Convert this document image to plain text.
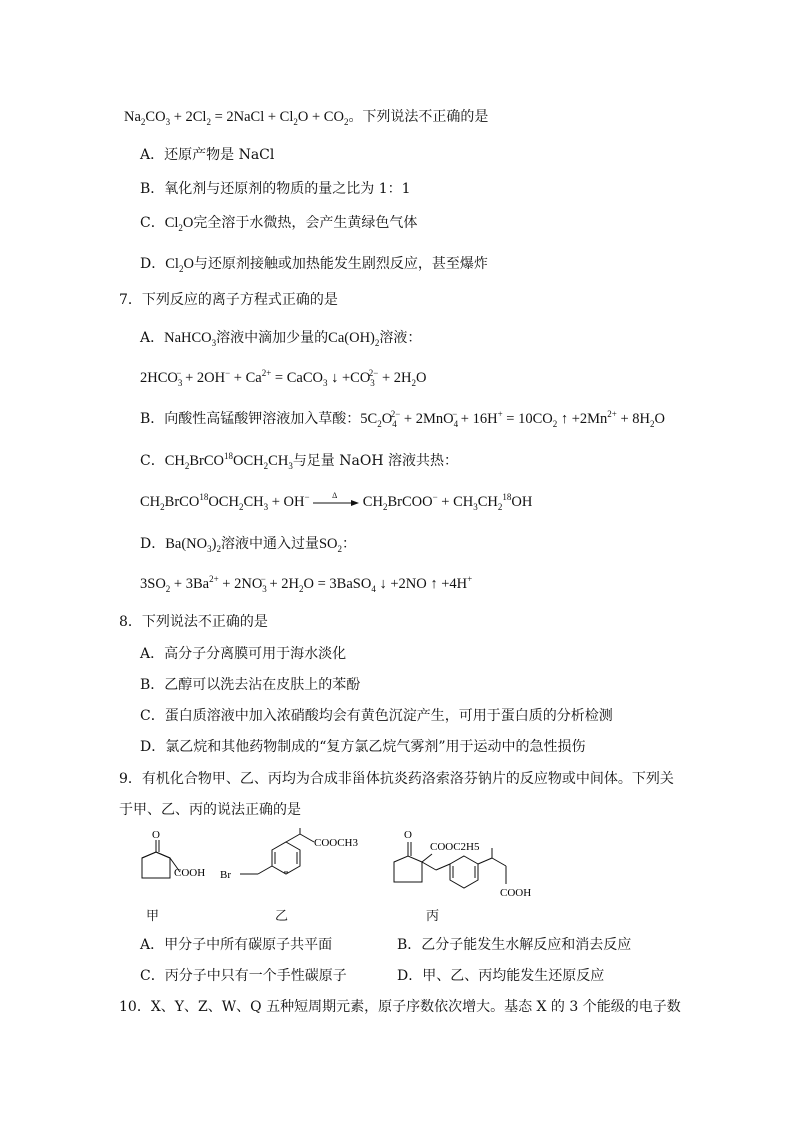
$Na_2CO_3 + 2Cl_2$ = 2NaCl + $Cl_2O + CO_2$。下列说法不正确的是
A．还原产物是 NaCl
B．氧化剂与还原剂的物质的量之比为 1：1
C．$Cl_2O$完全溶于水微热，会产生黄绿色气体
D．$Cl_2O$与还原剂接触或加热能发生剧烈反应，甚至爆炸
7．下列反应的离子方程式正确的是
A．NaHCO$_3$溶液中滴加少量的$Ca(OH)_2$溶液：
$2HCO_3^- + 2OH^- + Ca^{2+}$ = CaCO$_3$ ↓ $+CO_3^{2-} + 2H_2O$
B．向酸性高锰酸钾溶液加入草酸：$5C_2O_4^{2-} + 2MnO_4^- + 16H^+ = 10CO_2$ ↑ $+2Mn^{2+} + 8H_2O$
C．$CH_2BrCO^{18}OCH_2CH_3$与足量 NaOH 溶液共热：
$CH_2BrCO^{18}OCH_2CH_3 + OH^-$	Δ $CH_2BrCOO^- + CH_3CH_2^{18}OH$
D．$Ba(NO_3)_2$溶液中通入过量$SO_2$：
$3SO_2 + 3Ba^{2+} + 2NO_3^- + 2H_2O$ = 3BaSO$_4$ ↓ +2NO ↑ +4H+
8．下列说法不正确的是
A．高分子分离膜可用于海水淡化
B．乙醇可以洗去沾在皮肤上的苯酚
C．蛋白质溶液中加入浓硝酸均会有黄色沉淀产生，可用于蛋白质的分析检测
D．氯乙烷和其他药物制成的“复方氯乙烷气雾剂”用于运动中的急性损伤
9．有机化合物甲、乙、丙均为合成非甾体抗炎药洛索洛芬钠片的反应物或中间体。下列关
于甲、乙、丙的说法正确的是
O
COOH
甲
Br
COOCH3
乙
O
COOC2H5
COOH
丙
A．甲分子中所有碳原子共平面	B．乙分子能发生水解反应和消去反应
C．丙分子中只有一个手性碳原子	D．甲、乙、丙均能发生还原反应
10．X、Y、Z、W、Q 五种短周期元素，原子序数依次增大。基态 X 的 3 个能级的电子数
